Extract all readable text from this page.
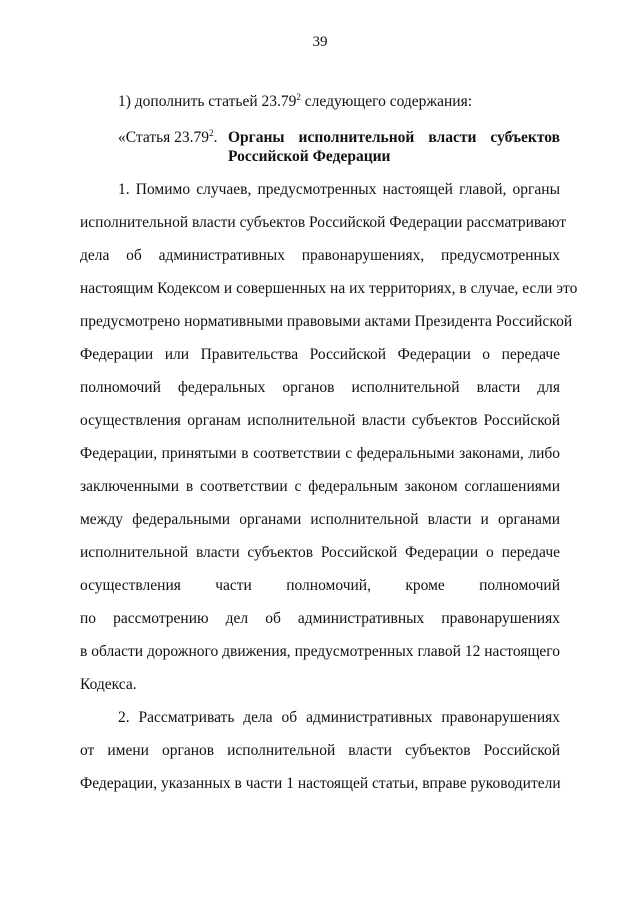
39
1) дополнить статьей 23.79$^2$ следующего содержания:
«Статья 23.79$^2$. Органы исполнительной власти субъектов
Российской Федерации
1. Помимо случаев, предусмотренных настоящей главой, органы
исполнительной власти субъектов Российской Федерации рассматривают
дела об административных правонарушениях, предусмотренных
настоящим Кодексом и совершенных на их территориях, в случае, если это
предусмотрено нормативными правовыми актами Президента Российской
Федерации или Правительства Российской Федерации о передаче
полномочий федеральных органов исполнительной власти для
осуществления органам исполнительной власти субъектов Российской
Федерации, принятыми в соответствии с федеральными законами, либо
заключенными в соответствии с федеральным законом соглашениями
между федеральными органами исполнительной власти и органами
исполнительной власти субъектов Российской Федерации о передаче
осуществления части полномочий, кроме полномочий
по рассмотрению дел об административных правонарушениях
в области дорожного движения, предусмотренных главой 12 настоящего
Кодекса.
2. Рассматривать дела об административных правонарушениях
от имени органов исполнительной власти субъектов Российской
Федерации, указанных в части 1 настоящей статьи, вправе руководители
